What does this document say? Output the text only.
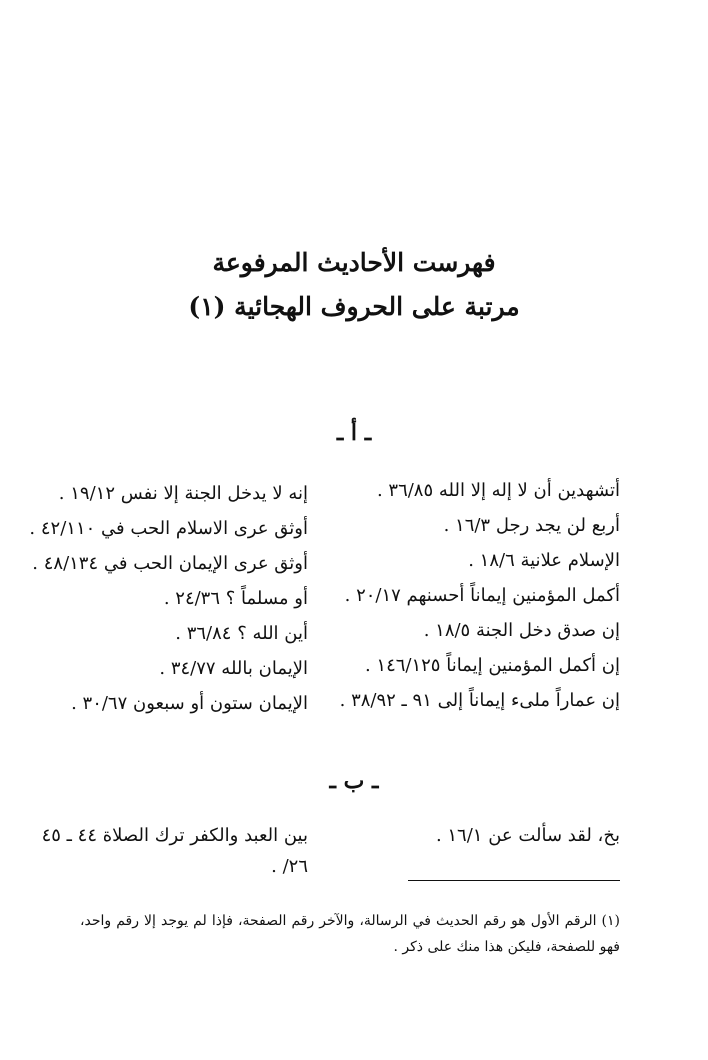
فهرست الأحاديث المرفوعة
مرتبة على الحروف الهجائية (١)
ـ أ ـ
أتشهدين أن لا إله إلا الله ٣٦/٨٥ .
أربع لن يجد رجل ١٦/٣ .
الإسلام علانية ١٨/٦ .
أكمل المؤمنين إيماناً أحسنهم ٢٠/١٧ .
إن صدق دخل الجنة ١٨/٥ .
إن أكمل المؤمنين إيماناً ١٤٦/١٢٥ .
إن عماراً ملىء إيماناً إلى ٩١ ـ ٣٨/٩٢ .
إنه لا يدخل الجنة إلا نفس ١٩/١٢ .
أوثق عرى الاسلام الحب في ٤٢/١١٠ .
أوثق عرى الإيمان الحب في ٤٨/١٣٤ .
أو مسلماً ؟ ٢٤/٣٦ .
أين الله ؟ ٣٦/٨٤ .
الإيمان بالله ٣٤/٧٧ .
الإيمان ستون أو سبعون ٣٠/٦٧ .
ـ ب ـ
بخ، لقد سألت عن ١٦/١ .
بين العبد والكفر ترك الصلاة ٤٤ ـ ٤٥
٢٦/ .
(١) الرقم الأول هو رقم الحديث في الرسالة، والآخر رقم الصفحة، فإذا لم يوجد إلا رقم واحد، فهو للصفحة، فليكن هذا منك على ذكر .
